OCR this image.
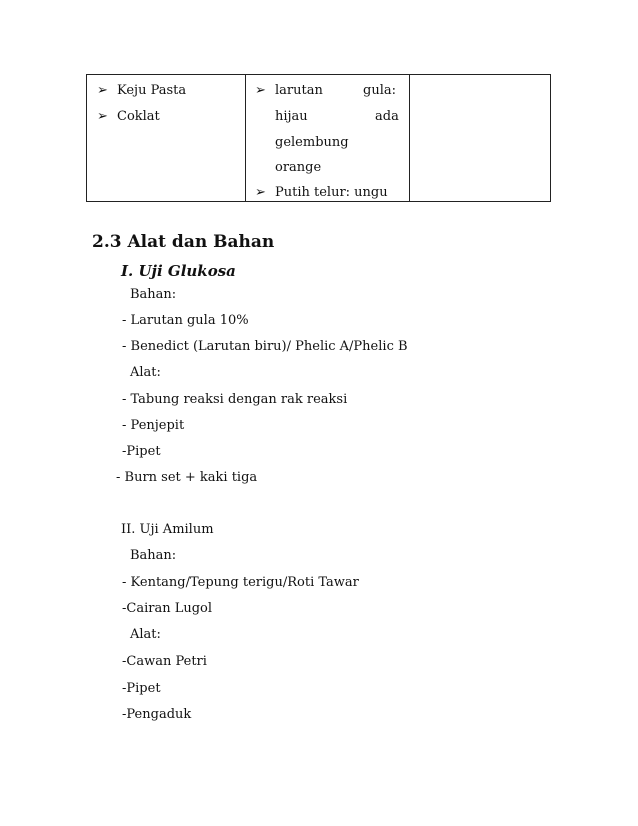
➢ Keju Pasta
➢ Coklat
➢ larutan	gula:
hijau	ada
gelembung
orange
➢ Putih telur: ungu
2.3 Alat dan Bahan
I. Uji Glukosa
Bahan:
- Larutan gula 10%
- Benedict (Larutan biru)/ Phelic A/Phelic B
Alat:
- Tabung reaksi dengan rak reaksi
- Penjepit
-Pipet
- Burn set + kaki tiga
II. Uji Amilum
Bahan:
- Kentang/Tepung terigu/Roti Tawar
-Cairan Lugol
Alat:
-Cawan Petri
-Pipet
-Pengaduk
